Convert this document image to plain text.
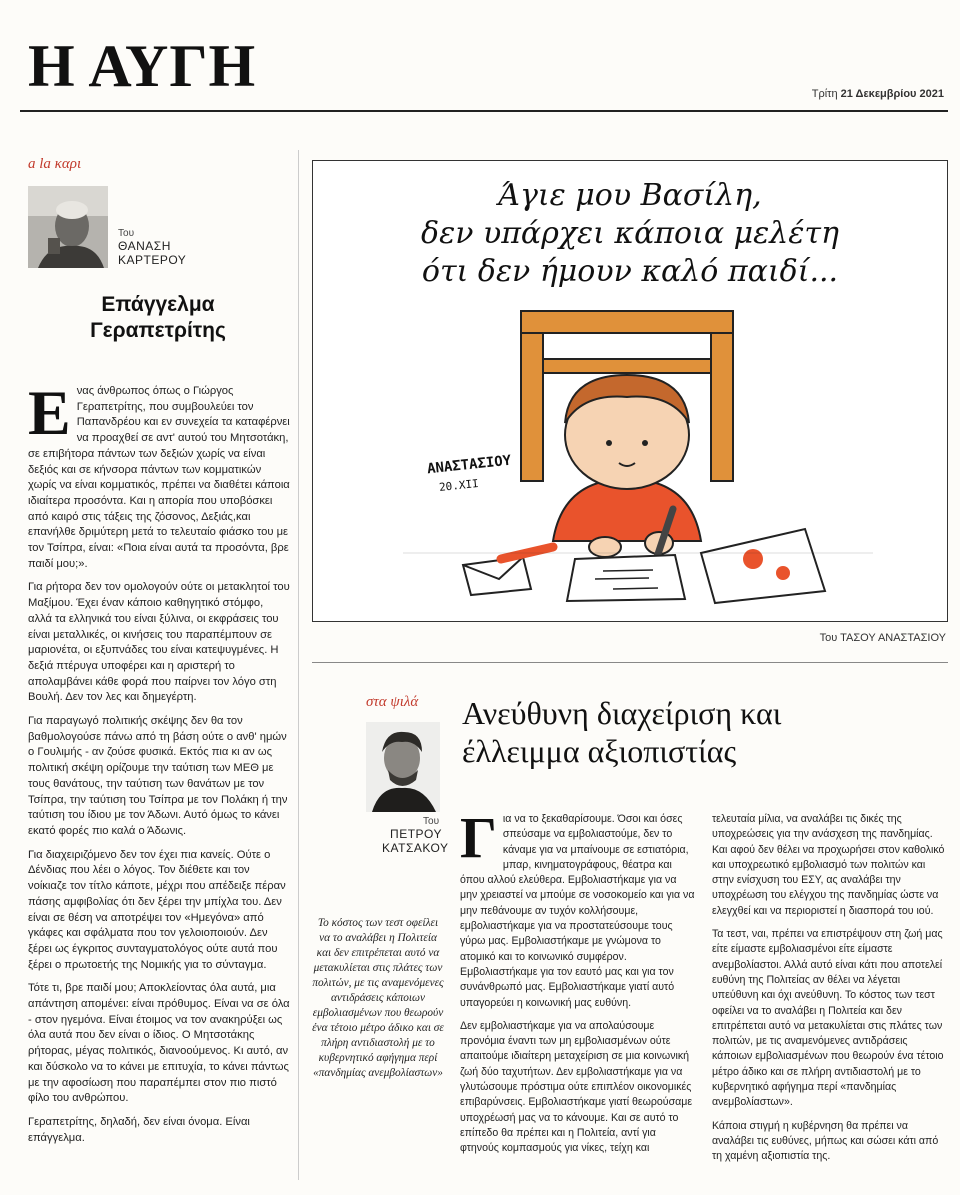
Η ΑΥΓΗ	Τρίτη 21 Δεκεμβρίου 2021
a la καρι
Του
ΘΑΝΑΣΗ
ΚΑΡΤΕΡΟΥ
Επάγγελμα
Γεραπετρίτης

Ενας άνθρωπος όπως ο Γιώργος Γεραπετρίτης, που συμβουλεύει τον Παπανδρέου και εν συνεχεία τα καταφέρνει να προαχθεί σε αντ' αυτού του Μητσοτάκη, σε επιβήτορα πάντων των δεξιών χωρίς να είναι δεξιός και σε κήνσορα πάντων των κομματικών χωρίς να είναι κομματικός, πρέπει να διαθέτει κάποια ιδιαίτερα προσόντα. Και η απορία που υποβόσκει από καιρό στις τάξεις της ζόσονος, Δεξιάς,και επανήλθε δριμύτερη μετά το τελευταίο φιάσκο του με τον Τσίπρα, είναι: «Ποια είναι αυτά τα προσόντα, βρε παιδί μου;».

Για ρήτορα δεν τον ομολογούν ούτε οι μετακλητοί του Μαξίμου. Έχει έναν κάποιο καθηγητικό στόμφο, αλλά τα ελληνικά του είναι ξύλινα, οι εκφράσεις του είναι μεταλλικές, οι κινήσεις του παραπέμπουν σε μαριονέτα, οι εξυπνάδες του είναι κατεψυγμένες. Η δεξιά πτέρυγα υποφέρει και η αριστερή το απολαμβάνει κάθε φορά που παίρνει τον λόγο στη Βουλή. Δεν τον λες και δημεγέρτη.

Για παραγωγό πολιτικής σκέψης δεν θα τον βαθμολογούσε πάνω από τη βάση ούτε ο ανθ' ημών ο Γουλιμής - αν ζούσε φυσικά. Εκτός πια κι αν ως πολιτική σκέψη ορίζουμε την ταύτιση των ΜΕΘ με τους θανάτους, την ταύτιση των θανάτων με τον Τσίπρα, την ταύτιση του Τσίπρα με τον Πολάκη ή την ταύτιση του ίδιου με τον Άδωνι. Αυτό όμως το κάνει εκατό φορές πιο καλά ο Άδωνις.

Για διαχειριζόμενο δεν τον έχει πια κανείς. Ούτε ο Δένδιας που λέει ο λόγος. Τον διέθετε και τον νοίκιαζε τον τίτλο κάποτε, μέχρι που απέδειξε πέραν πάσης αμφιβολίας ότι δεν ξέρει την μπίχλα του. Δεν είναι σε θέση να αποτρέψει τον «Ημεγόνα» από γκάφες και σφάλματα που τον γελοιοποιούν. Δεν ξέρει ως έγκριτος συνταγματολόγος ούτε αυτά που ξέρει ο πρωτοετής της Νομικής για το σύνταγμα.

Τότε τι, βρε παιδί μου; Αποκλείοντας όλα αυτά, μια απάντηση απομένει: είναι πρόθυμος. Είναι να σε όλα - στον ηγεμόνα. Είναι έτοιμος να τον ανακηρύξει ως όλα αυτά που δεν είναι ο ίδιος. Ο Μητσοτάκης ρήτορας, μέγας πολιτικός, διανοούμενος. Κι αυτό, αν και δύσκολο να το κάνει με επιτυχία, το κάνει πάντως με την αφοσίωση που παραπέμπει στον πιο πιστό φίλο του ανθρώπου.

Γεραπετρίτης, δηλαδή, δεν είναι όνομα. Είναι επάγγελμα.

Άγιε μου Βασίλη,
δεν υπάρχει κάποια μελέτη
ότι δεν ήμουν καλό παιδί...
ΑΝΑΣΤΑΣΙΟΥ
20.XII
Του ΤΑΣΟΥ ΑΝΑΣΤΑΣΙΟΥ
στα ψιλά
Του
ΠΕΤΡΟΥ
ΚΑΤΣΑΚΟΥ
Ανεύθυνη διαχείριση και
έλλειμμα αξιοπιστίας
Το κόστος των τεστ οφείλει να το αναλάβει η Πολιτεία και δεν επιτρέπεται αυτό να μετακυλίεται στις πλάτες των πολιτών, με τις αναμενόμενες αντιδράσεις κάποιων εμβολιασμένων που θεωρούν ένα τέτοιο μέτρο άδικο και σε πλήρη αντιδιαστολή με το κυβερνητικό αφήγημα περί «πανδημίας ανεμβολίαστων»

Για να το ξεκαθαρίσουμε. Όσοι και όσες σπεύσαμε να εμβολιαστούμε, δεν το κάναμε για να μπαίνουμε σε εστιατόρια, μπαρ, κινηματογράφους, θέατρα και όπου αλλού ελεύθερα. Εμβολιαστήκαμε για να μην χρειαστεί να μπούμε σε νοσοκομείο και για να μην πεθάνουμε αν τυχόν κολλήσουμε, εμβολιαστήκαμε για να προστατεύσουμε τους γύρω μας. Εμβολιαστήκαμε με γνώμονα το ατομικό και το κοινωνικό συμφέρον. Εμβολιαστήκαμε για τον εαυτό μας και για τον συνάνθρωπό μας. Εμβολιαστήκαμε γιατί αυτό υπαγορεύει η κοινωνική μας ευθύνη.

Δεν εμβολιαστήκαμε για να απολαύσουμε προνόμια έναντι των μη εμβολιασμένων ούτε απαιτούμε ιδιαίτερη μεταχείριση σε μια κοινωνική ζωή δύο ταχυτήτων. Δεν εμβολιαστήκαμε για να γλυτώσουμε πρόστιμα ούτε επιπλέον οικονομικές επιβαρύνσεις. Εμβολιαστήκαμε γιατί θεωρούσαμε υποχρέωσή μας να το κάνουμε. Και σε αυτό το επίπεδο θα πρέπει και η Πολιτεία, αντί για φτηνούς κομπασμούς για νίκες, τείχη και

τελευταία μίλια, να αναλάβει τις δικές της υποχρεώσεις για την ανάσχεση της πανδημίας. Και αφού δεν θέλει να προχωρήσει στον καθολικό και υποχρεωτικό εμβολιασμό των πολιτών και στην ενίσχυση του ΕΣΥ, ας αναλάβει την υποχρέωση του ελέγχου της πανδημίας ώστε να ελεγχθεί και να περιοριστεί η διασπορά του ιού.

Τα τεστ, ναι, πρέπει να επιστρέψουν στη ζωή μας είτε είμαστε εμβολιασμένοι είτε είμαστε ανεμβολίαστοι. Αλλά αυτό είναι κάτι που αποτελεί ευθύνη της Πολιτείας αν θέλει να λέγεται υπεύθυνη και όχι ανεύθυνη. Το κόστος των τεστ οφείλει να το αναλάβει η Πολιτεία και δεν επιτρέπεται αυτό να μετακυλίεται στις πλάτες των πολιτών, με τις αναμενόμενες αντιδράσεις κάποιων εμβολιασμένων που θεωρούν ένα τέτοιο μέτρο άδικο και σε πλήρη αντιδιαστολή με το κυβερνητικό αφήγημα περί «πανδημίας ανεμβολίαστων».

Κάποια στιγμή η κυβέρνηση θα πρέπει να αναλάβει τις ευθύνες, μήπως και σώσει κάτι από τη χαμένη αξιοπιστία της.
